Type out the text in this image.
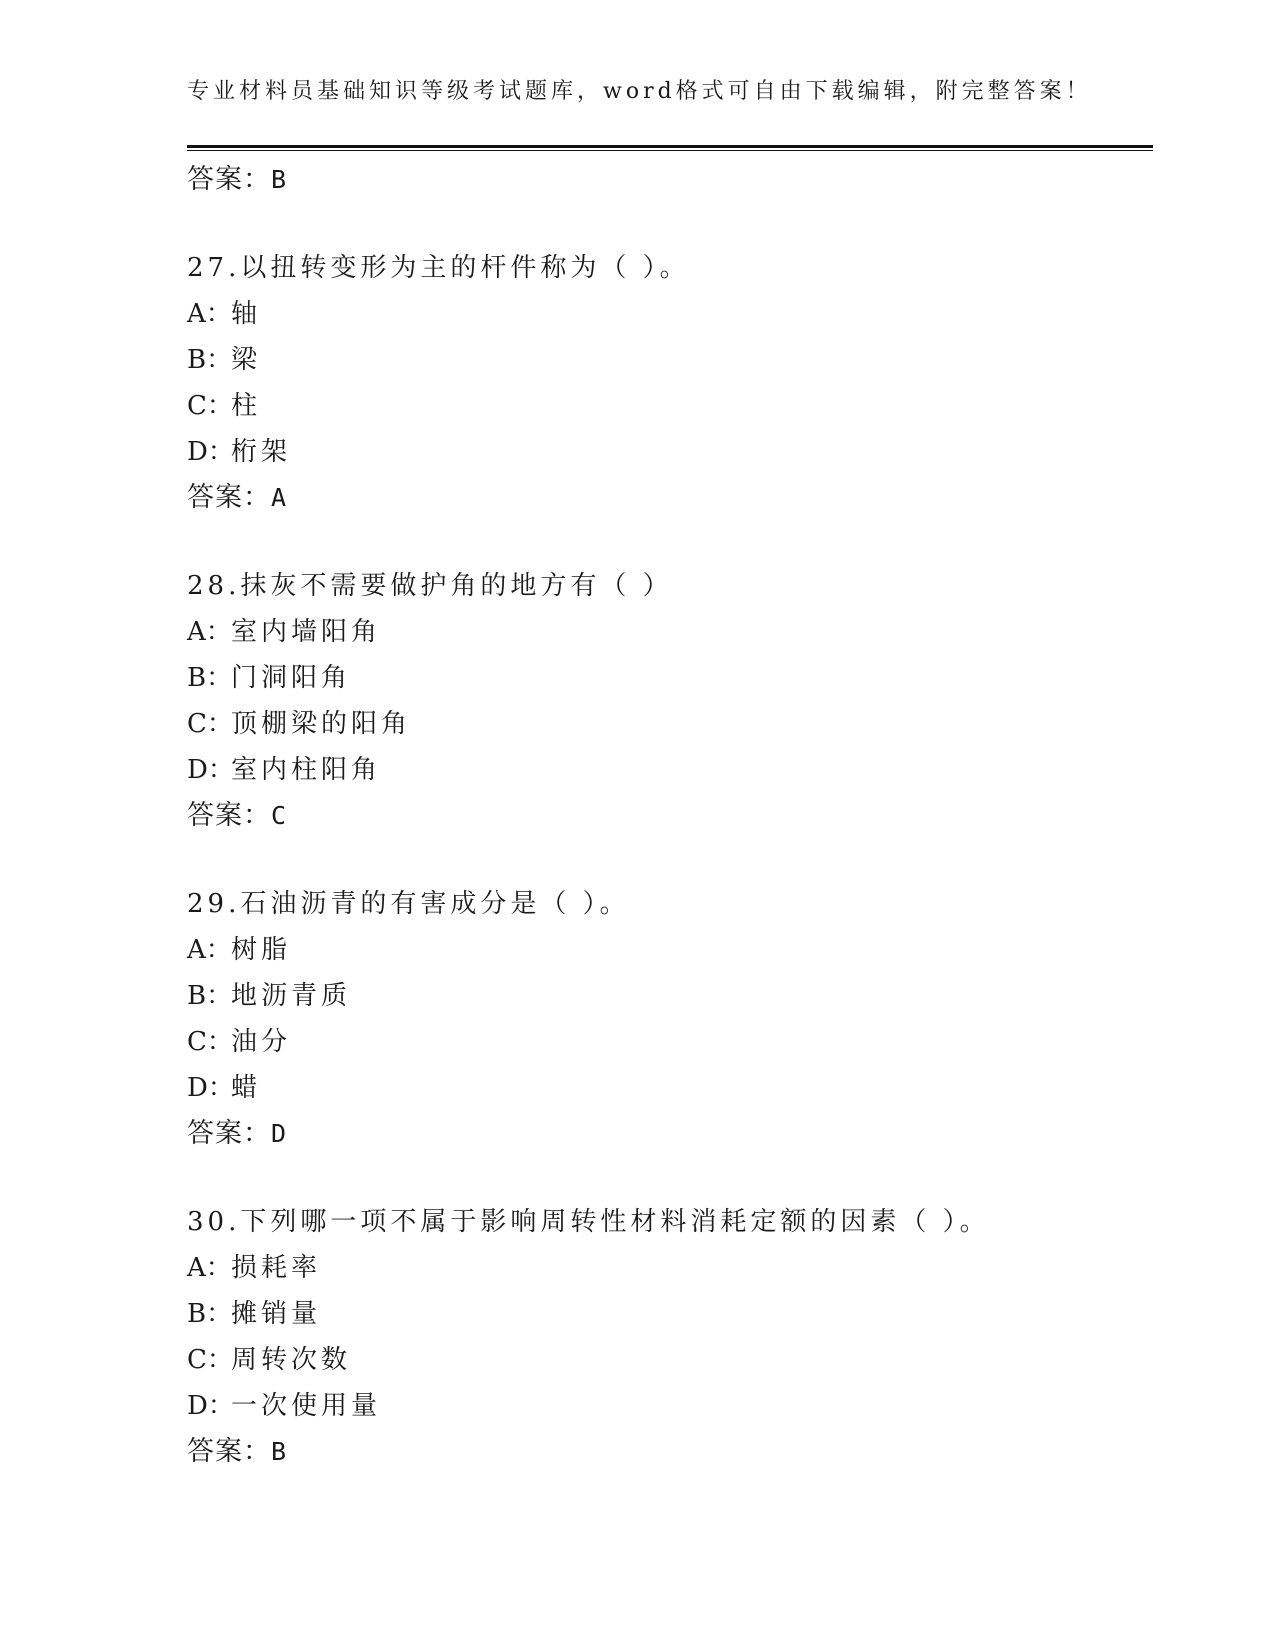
专业材料员基础知识等级考试题库，word格式可自由下载编辑，附完整答案！
答案：B
27.以扭转变形为主的杆件称为（ ）。
A：轴
B：梁
C：柱
D：桁架
答案：A
28.抹灰不需要做护角的地方有（ ）
A：室内墙阳角
B：门洞阳角
C：顶棚梁的阳角
D：室内柱阳角
答案：C
29.石油沥青的有害成分是（ ）。
A：树脂
B：地沥青质
C：油分
D：蜡
答案：D
30.下列哪一项不属于影响周转性材料消耗定额的因素（ ）。
A：损耗率
B：摊销量
C：周转次数
D：一次使用量
答案：B
